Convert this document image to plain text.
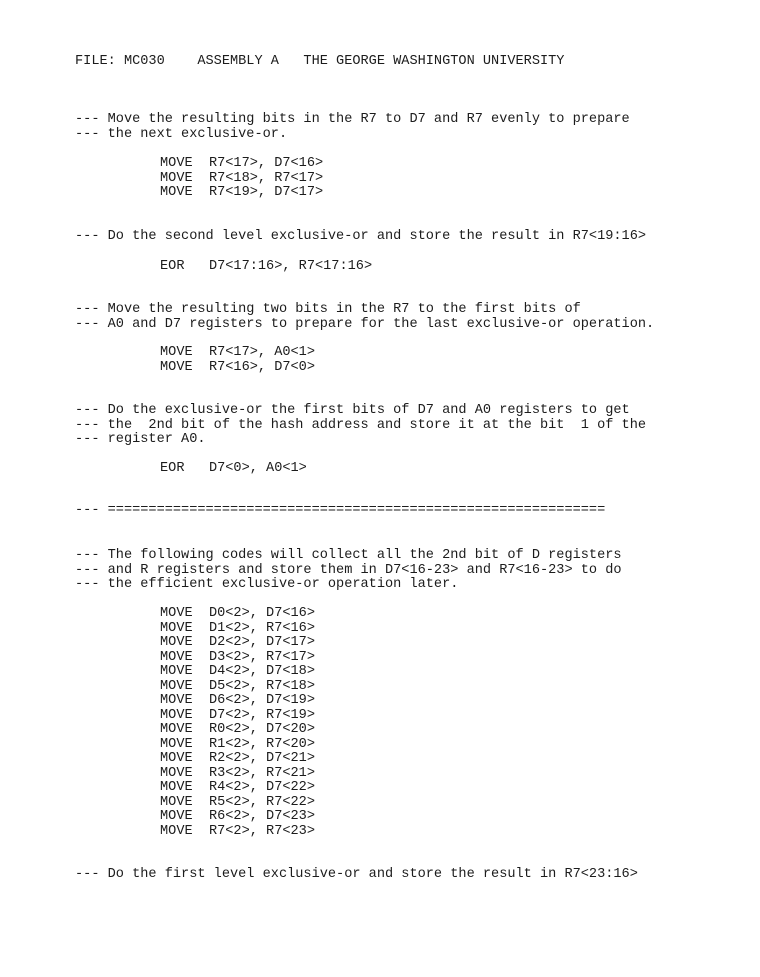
FILE: MC030    ASSEMBLY A   THE GEORGE WASHINGTON UNIVERSITY
--- Move the resulting bits in the R7 to D7 and R7 evenly to prepare
--- the next exclusive-or.
MOVE  R7<17>, D7<16>
MOVE  R7<18>, R7<17>
MOVE  R7<19>, D7<17>
--- Do the second level exclusive-or and store the result in R7<19:16>
EOR   D7<17:16>, R7<17:16>
--- Move the resulting two bits in the R7 to the first bits of
--- A0 and D7 registers to prepare for the last exclusive-or operation.
MOVE  R7<17>, A0<1>
MOVE  R7<16>, D7<0>
--- Do the exclusive-or the first bits of D7 and A0 registers to get
--- the  2nd bit of the hash address and store it at the bit  1 of the
--- register A0.
EOR   D7<0>, A0<1>
--- =============================================================
--- The following codes will collect all the 2nd bit of D registers
--- and R registers and store them in D7<16-23> and R7<16-23> to do
--- the efficient exclusive-or operation later.
MOVE  D0<2>, D7<16>
MOVE  D1<2>, R7<16>
MOVE  D2<2>, D7<17>
MOVE  D3<2>, R7<17>
MOVE  D4<2>, D7<18>
MOVE  D5<2>, R7<18>
MOVE  D6<2>, D7<19>
MOVE  D7<2>, R7<19>
MOVE  R0<2>, D7<20>
MOVE  R1<2>, R7<20>
MOVE  R2<2>, D7<21>
MOVE  R3<2>, R7<21>
MOVE  R4<2>, D7<22>
MOVE  R5<2>, R7<22>
MOVE  R6<2>, D7<23>
MOVE  R7<2>, R7<23>
--- Do the first level exclusive-or and store the result in R7<23:16>
